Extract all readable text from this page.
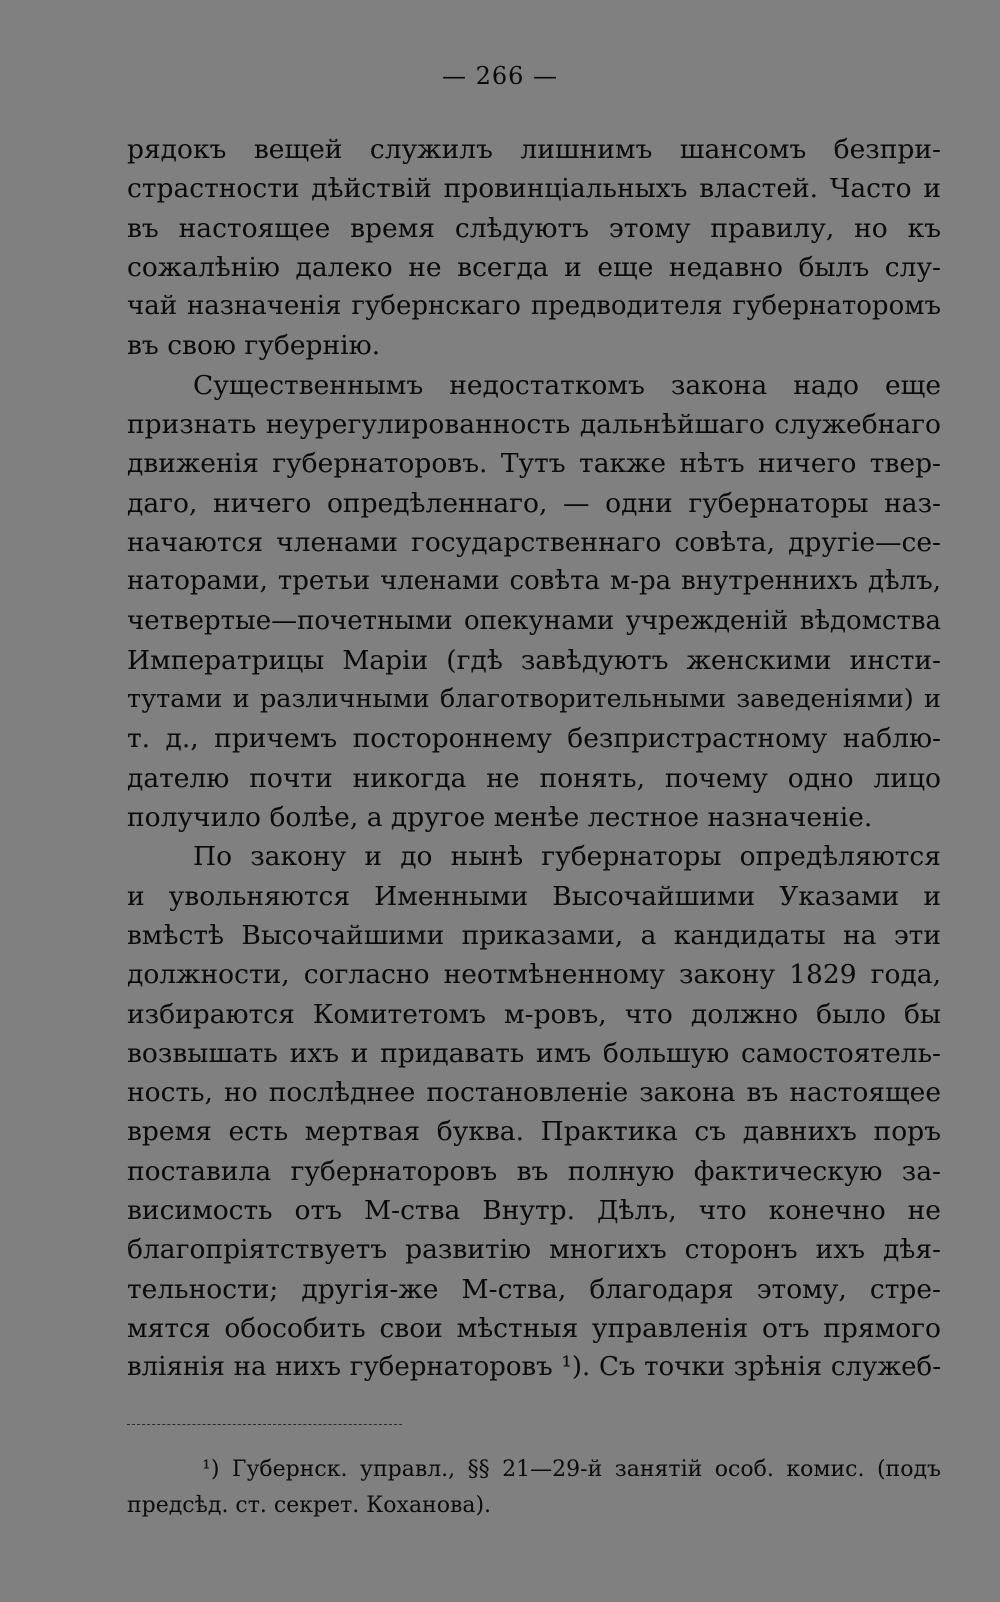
— 266 —
рядокъ вещей служилъ лишнимъ шансомъ безпри-
страстности дѣйствій провинціальныхъ властей. Часто и
въ настоящее время слѣдуютъ этому правилу, но къ
сожалѣнію далеко не всегда и еще недавно былъ слу-
чай назначенія губернскаго предводителя губернаторомъ
въ свою губернію.
Существеннымъ недостаткомъ закона надо еще
признать неурегулированность дальнѣйшаго служебнаго
движенія губернаторовъ. Тутъ также нѣтъ ничего твер-
даго, ничего опредѣленнаго, — одни губернаторы наз-
начаются членами государственнаго совѣта, другіе—се-
наторами, третьи членами совѣта м-ра внутреннихъ дѣлъ,
четвертые—почетными опекунами учрежденій вѣдомства
Императрицы Маріи (гдѣ завѣдуютъ женскими инсти-
тутами и различными благотворительными заведеніями) и
т. д., причемъ постороннему безпристрастному наблю-
дателю почти никогда не понять, почему одно лицо
получило болѣе, а другое менѣе лестное назначеніе.
По закону и до нынѣ губернаторы опредѣляются
и увольняются Именными Высочайшими Указами и
вмѣстѣ Высочайшими приказами, а кандидаты на эти
должности, согласно неотмѣненному закону 1829 года,
избираются Комитетомъ м-ровъ, что должно было бы
возвышать ихъ и придавать имъ большую самостоятель-
ность, но послѣднее постановленіе закона въ настоящее
время есть мертвая буква. Практика съ давнихъ поръ
поставила губернаторовъ въ полную фактическую за-
висимость отъ М-ства Внутр. Дѣлъ, что конечно не
благопріятствуетъ развитію многихъ сторонъ ихъ дѣя-
тельности; другія-же М-ства, благодаря этому, стре-
мятся обособить свои мѣстныя управленія отъ прямого
вліянія на нихъ губернаторовъ ¹). Съ точки зрѣнія служеб-
¹) Губернск. управл., §§ 21—29-й занятій особ. комис. (подъ
предсѣд. ст. секрет. Коханова).
